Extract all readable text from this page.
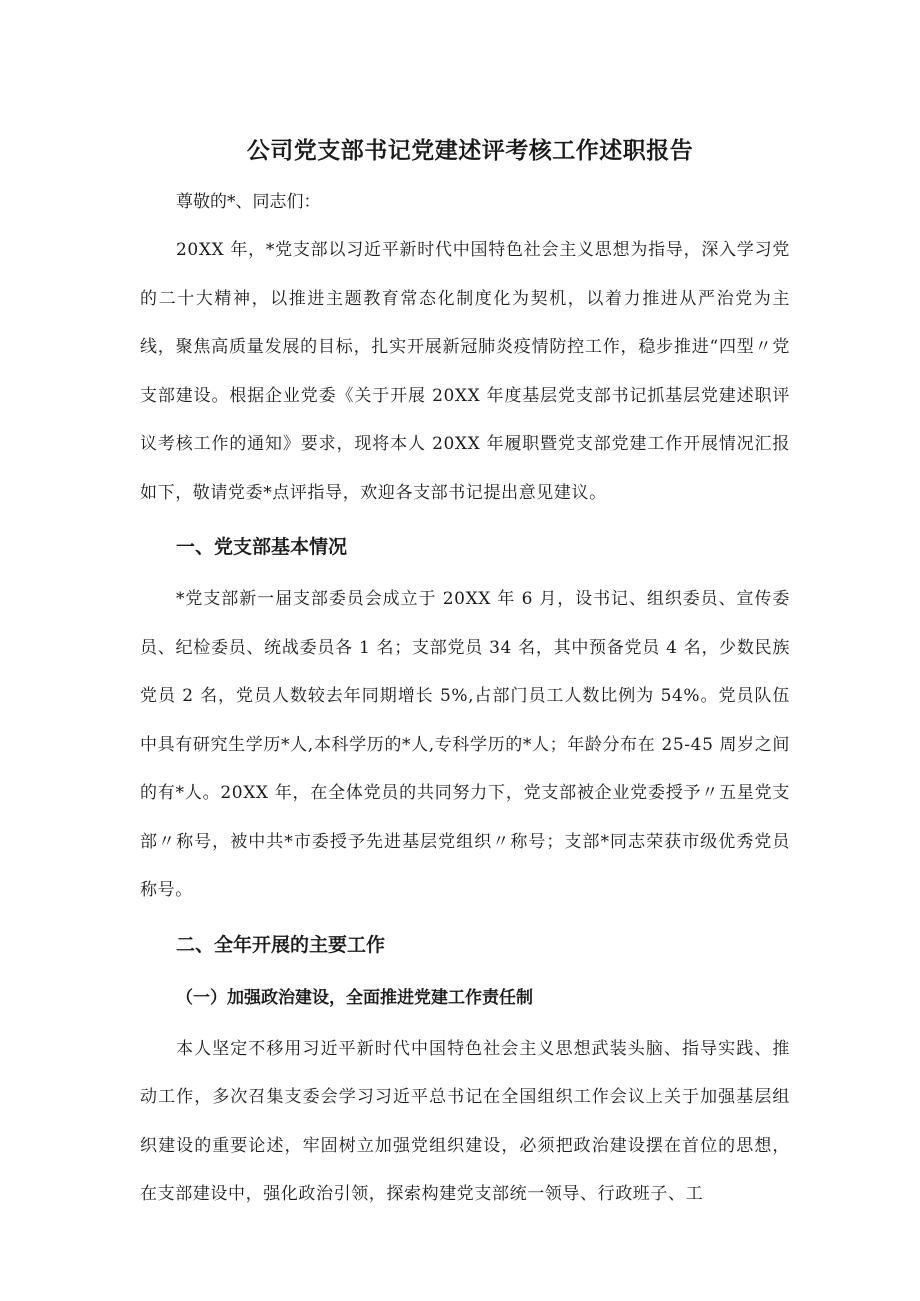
公司党支部书记党建述评考核工作述职报告

尊敬的*、同志们：

20XX 年，*党支部以习近平新时代中国特色社会主义思想为指导，深入学习党的二十大精神，以推进主题教育常态化制度化为契机，以着力推进从严治党为主线，聚焦高质量发展的目标，扎实开展新冠肺炎疫情防控工作，稳步推进“四型〃党支部建设。根据企业党委《关于开展 20XX 年度基层党支部书记抓基层党建述职评议考核工作的通知》要求，现将本人 20XX 年履职暨党支部党建工作开展情况汇报如下，敬请党委*点评指导，欢迎各支部书记提出意见建议。

一、党支部基本情况

*党支部新一届支部委员会成立于 20XX 年 6 月，设书记、组织委员、宣传委员、纪检委员、统战委员各 1 名；支部党员 34 名，其中预备党员 4 名，少数民族党员 2 名，党员人数较去年同期增长 5%,占部门员工人数比例为 54%。党员队伍中具有研究生学历*人,本科学历的*人,专科学历的*人；年龄分布在 25-45 周岁之间的有*人。20XX 年，在全体党员的共同努力下，党支部被企业党委授予〃五星党支部〃称号，被中共*市委授予先进基层党组织〃称号；支部*同志荣获市级优秀党员称号。

二、全年开展的主要工作
（一）加强政治建设，全面推进党建工作责任制

本人坚定不移用习近平新时代中国特色社会主义思想武装头脑、指导实践、推动工作，多次召集支委会学习习近平总书记在全国组织工作会议上关于加强基层组织建设的重要论述，牢固树立加强党组织建设，必须把政治建设摆在首位的思想，在支部建设中，强化政治引领，探索构建党支部统一领导、行政班子、工
